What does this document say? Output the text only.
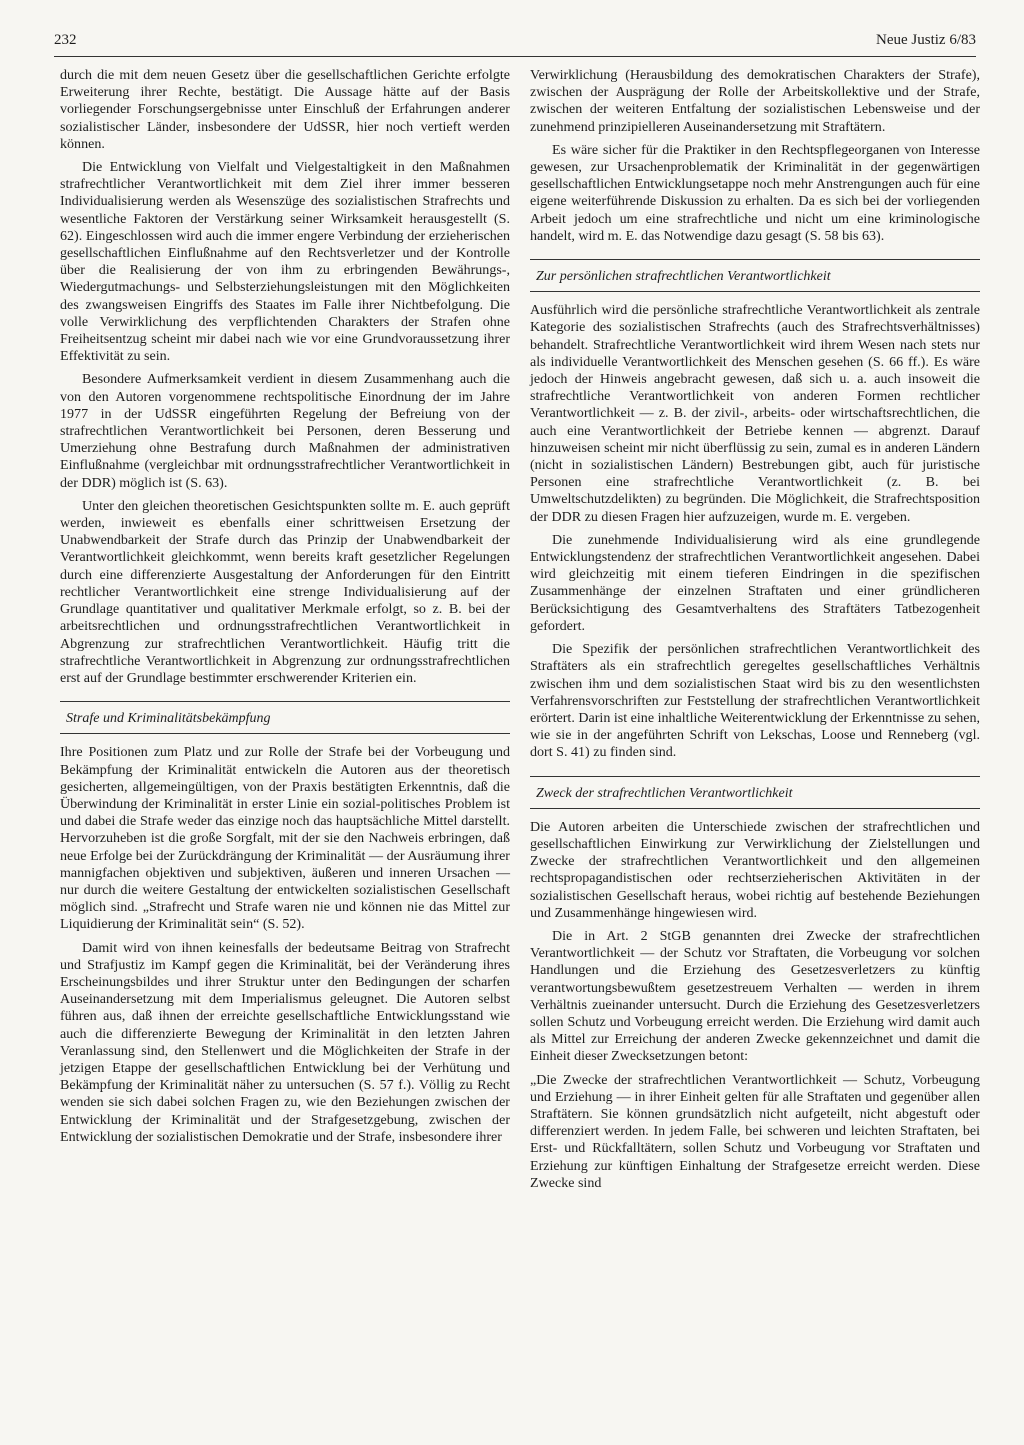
232	Neue Justiz 6/83

durch die mit dem neuen Gesetz über die gesellschaftlichen Gerichte erfolgte Erweiterung ihrer Rechte, bestätigt. Die Aussage hätte auf der Basis vorliegender Forschungsergebnisse unter Einschluß der Erfahrungen anderer sozialistischer Länder, insbesondere der UdSSR, hier noch vertieft werden können.

Die Entwicklung von Vielfalt und Vielgestaltigkeit in den Maßnahmen strafrechtlicher Verantwortlichkeit mit dem Ziel ihrer immer besseren Individualisierung werden als Wesenszüge des sozialistischen Strafrechts und wesentliche Faktoren der Verstärkung seiner Wirksamkeit herausgestellt (S. 62). Eingeschlossen wird auch die immer engere Verbindung der erzieherischen gesellschaftlichen Einflußnahme auf den Rechtsverletzer und der Kontrolle über die Realisierung der von ihm zu erbringenden Bewährungs-, Wiedergutmachungs- und Selbsterziehungsleistungen mit den Möglichkeiten des zwangsweisen Eingriffs des Staates im Falle ihrer Nichtbefolgung. Die volle Verwirklichung des verpflichtenden Charakters der Strafen ohne Freiheitsentzug scheint mir dabei nach wie vor eine Grundvoraussetzung ihrer Effektivität zu sein.

Besondere Aufmerksamkeit verdient in diesem Zusammenhang auch die von den Autoren vorgenommene rechtspolitische Einordnung der im Jahre 1977 in der UdSSR eingeführten Regelung der Befreiung von der strafrechtlichen Verantwortlichkeit bei Personen, deren Besserung und Umerziehung ohne Bestrafung durch Maßnahmen der administrativen Einflußnahme (vergleichbar mit ordnungsstrafrechtlicher Verantwortlichkeit in der DDR) möglich ist (S. 63).

Unter den gleichen theoretischen Gesichtspunkten sollte m. E. auch geprüft werden, inwieweit es ebenfalls einer schrittweisen Ersetzung der Unabwendbarkeit der Strafe durch das Prinzip der Unabwendbarkeit der Verantwortlichkeit gleichkommt, wenn bereits kraft gesetzlicher Regelungen durch eine differenzierte Ausgestaltung der Anforderungen für den Eintritt rechtlicher Verantwortlichkeit eine strenge Individualisierung auf der Grundlage quantitativer und qualitativer Merkmale erfolgt, so z. B. bei der arbeitsrechtlichen und ordnungsstrafrechtlichen Verantwortlichkeit in Abgrenzung zur strafrechtlichen Verantwortlichkeit. Häufig tritt die strafrechtliche Verantwortlichkeit in Abgrenzung zur ordnungsstrafrechtlichen erst auf der Grundlage bestimmter erschwerender Kriterien ein.

Strafe und Kriminalitätsbekämpfung

Ihre Positionen zum Platz und zur Rolle der Strafe bei der Vorbeugung und Bekämpfung der Kriminalität entwickeln die Autoren aus der theoretisch gesicherten, allgemeingültigen, von der Praxis bestätigten Erkenntnis, daß die Überwindung der Kriminalität in erster Linie ein sozial-politisches Problem ist und dabei die Strafe weder das einzige noch das hauptsächliche Mittel darstellt. Hervorzuheben ist die große Sorgfalt, mit der sie den Nachweis erbringen, daß neue Erfolge bei der Zurückdrängung der Kriminalität — der Ausräumung ihrer mannigfachen objektiven und subjektiven, äußeren und inneren Ursachen — nur durch die weitere Gestaltung der entwickelten sozialistischen Gesellschaft möglich sind. „Strafrecht und Strafe waren nie und können nie das Mittel zur Liquidierung der Kriminalität sein“ (S. 52).

Damit wird von ihnen keinesfalls der bedeutsame Beitrag von Strafrecht und Strafjustiz im Kampf gegen die Kriminalität, bei der Veränderung ihres Erscheinungsbildes und ihrer Struktur unter den Bedingungen der scharfen Auseinandersetzung mit dem Imperialismus geleugnet. Die Autoren selbst führen aus, daß ihnen der erreichte gesellschaftliche Entwicklungsstand wie auch die differenzierte Bewegung der Kriminalität in den letzten Jahren Veranlassung sind, den Stellenwert und die Möglichkeiten der Strafe in der jetzigen Etappe der gesellschaftlichen Entwicklung bei der Verhütung und Bekämpfung der Kriminalität näher zu untersuchen (S. 57 f.). Völlig zu Recht wenden sie sich dabei solchen Fragen zu, wie den Beziehungen zwischen der Entwicklung der Kriminalität und der Strafgesetzgebung, zwischen der Entwicklung der sozialistischen Demokratie und der Strafe, insbesondere ihrer

Verwirklichung (Herausbildung des demokratischen Charakters der Strafe), zwischen der Ausprägung der Rolle der Arbeitskollektive und der Strafe, zwischen der weiteren Entfaltung der sozialistischen Lebensweise und der zunehmend prinzipielleren Auseinandersetzung mit Straftätern.

Es wäre sicher für die Praktiker in den Rechtspflegeorganen von Interesse gewesen, zur Ursachenproblematik der Kriminalität in der gegenwärtigen gesellschaftlichen Entwicklungsetappe noch mehr Anstrengungen auch für eine eigene weiterführende Diskussion zu erhalten. Da es sich bei der vorliegenden Arbeit jedoch um eine strafrechtliche und nicht um eine kriminologische handelt, wird m. E. das Notwendige dazu gesagt (S. 58 bis 63).

Zur persönlichen strafrechtlichen Verantwortlichkeit

Ausführlich wird die persönliche strafrechtliche Verantwortlichkeit als zentrale Kategorie des sozialistischen Strafrechts (auch des Strafrechtsverhältnisses) behandelt. Strafrechtliche Verantwortlichkeit wird ihrem Wesen nach stets nur als individuelle Verantwortlichkeit des Menschen gesehen (S. 66 ff.). Es wäre jedoch der Hinweis angebracht gewesen, daß sich u. a. auch insoweit die strafrechtliche Verantwortlichkeit von anderen Formen rechtlicher Verantwortlichkeit — z. B. der zivil-, arbeits- oder wirtschaftsrechtlichen, die auch eine Verantwortlichkeit der Betriebe kennen — abgrenzt. Darauf hinzuweisen scheint mir nicht überflüssig zu sein, zumal es in anderen Ländern (nicht in sozialistischen Ländern) Bestrebungen gibt, auch für juristische Personen eine strafrechtliche Verantwortlichkeit (z. B. bei Umweltschutzdelikten) zu begründen. Die Möglichkeit, die Strafrechtsposition der DDR zu diesen Fragen hier aufzuzeigen, wurde m. E. vergeben.

Die zunehmende Individualisierung wird als eine grundlegende Entwicklungstendenz der strafrechtlichen Verantwortlichkeit angesehen. Dabei wird gleichzeitig mit einem tieferen Eindringen in die spezifischen Zusammenhänge der einzelnen Straftaten und einer gründlicheren Berücksichtigung des Gesamtverhaltens des Straftäters Tatbezogenheit gefordert.

Die Spezifik der persönlichen strafrechtlichen Verantwortlichkeit des Straftäters als ein strafrechtlich geregeltes gesellschaftliches Verhältnis zwischen ihm und dem sozialistischen Staat wird bis zu den wesentlichsten Verfahrensvorschriften zur Feststellung der strafrechtlichen Verantwortlichkeit erörtert. Darin ist eine inhaltliche Weiterentwicklung der Erkenntnisse zu sehen, wie sie in der angeführten Schrift von Lekschas, Loose und Renneberg (vgl. dort S. 41) zu finden sind.

Zweck der strafrechtlichen Verantwortlichkeit

Die Autoren arbeiten die Unterschiede zwischen der strafrechtlichen und gesellschaftlichen Einwirkung zur Verwirklichung der Zielstellungen und Zwecke der strafrechtlichen Verantwortlichkeit und den allgemeinen rechtspropagandistischen oder rechtserzieherischen Aktivitäten in der sozialistischen Gesellschaft heraus, wobei richtig auf bestehende Beziehungen und Zusammenhänge hingewiesen wird.

Die in Art. 2 StGB genannten drei Zwecke der strafrechtlichen Verantwortlichkeit — der Schutz vor Straftaten, die Vorbeugung vor solchen Handlungen und die Erziehung des Gesetzesverletzers zu künftig verantwortungsbewußtem gesetzestreuem Verhalten — werden in ihrem Verhältnis zueinander untersucht. Durch die Erziehung des Gesetzesverletzers sollen Schutz und Vorbeugung erreicht werden. Die Erziehung wird damit auch als Mittel zur Erreichung der anderen Zwecke gekennzeichnet und damit die Einheit dieser Zwecksetzungen betont:

„Die Zwecke der strafrechtlichen Verantwortlichkeit — Schutz, Vorbeugung und Erziehung — in ihrer Einheit gelten für alle Straftaten und gegenüber allen Straftätern. Sie können grundsätzlich nicht aufgeteilt, nicht abgestuft oder differenziert werden. In jedem Falle, bei schweren und leichten Straftaten, bei Erst- und Rückfalltätern, sollen Schutz und Vorbeugung vor Straftaten und Erziehung zur künftigen Einhaltung der Strafgesetze erreicht werden. Diese Zwecke sind
